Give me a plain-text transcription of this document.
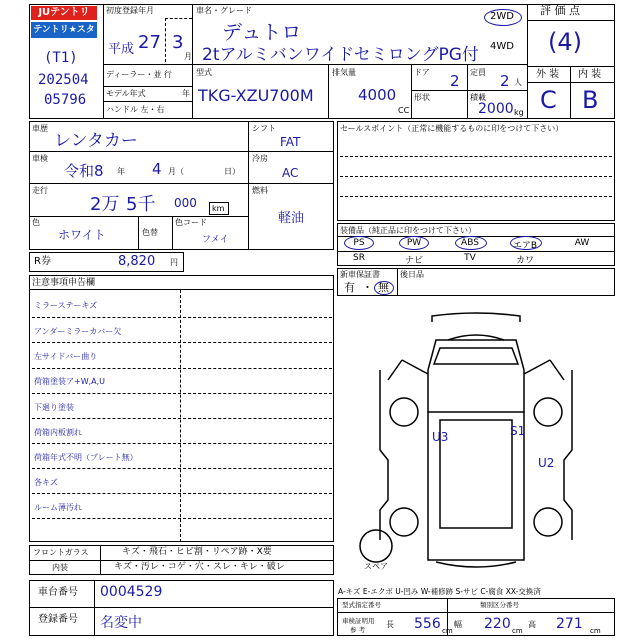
JUテントリ
テントリ★スター
(T1)
202504
05796
初度登録年月
平成 27 3
月
車名・グレード
デュトロ
2tアルミバンワイドセミロングPG付
2WD
4WD
評 価 点
(4)
外 装 内 装
C B
ディーラー・並 行
モデル年式	年
ハンドル 左・右
型式
TKG-XZU700M
排気量
4000
CC
ドア 2
形状
定員 2 人
積載
2000 kg
車歴
レンタカー
シフト
FAT
車検
令和8 年 4 月（	日）
冷房
AC
走行
2万 5千 000 km
燃料
軽油
色
ホワイト	色替
色コード
フメイ
R券	8,820 円
注意事項申告欄
ミラーステーキズ
アンダーミラーカバー欠
左サイドバー曲り
荷箱塗装ア+W,A,U
下廻り塗装
荷箱内板割れ
荷箱年式不明（プレート無）
各キズ
ルーム薄汚れ
フロントガラス	キズ・飛石・ヒビ割・リペア跡・X要
内装	キズ・汚レ・コゲ・穴・スレ・キレ・破レ
車台番号 0004529
登録番号 名変中
セールスポイント（正常に機能するものに印をつけて下さい）
装備品（純正品に印をつけて下さい）
PS	PW	ABS	エアB	AW
SR	ナビ	TV	カワ
新車保証書	後日品
有 ・ 無
U3	S1
U2
スペア
A-キズ E-エクボ U-凹み W-補修跡 S-サビ C-腐食 XX-交換済
型式指定番号	類別区分番号
車検証明用
参 考
長 556 cm
幅 220 cm
高 271 cm
